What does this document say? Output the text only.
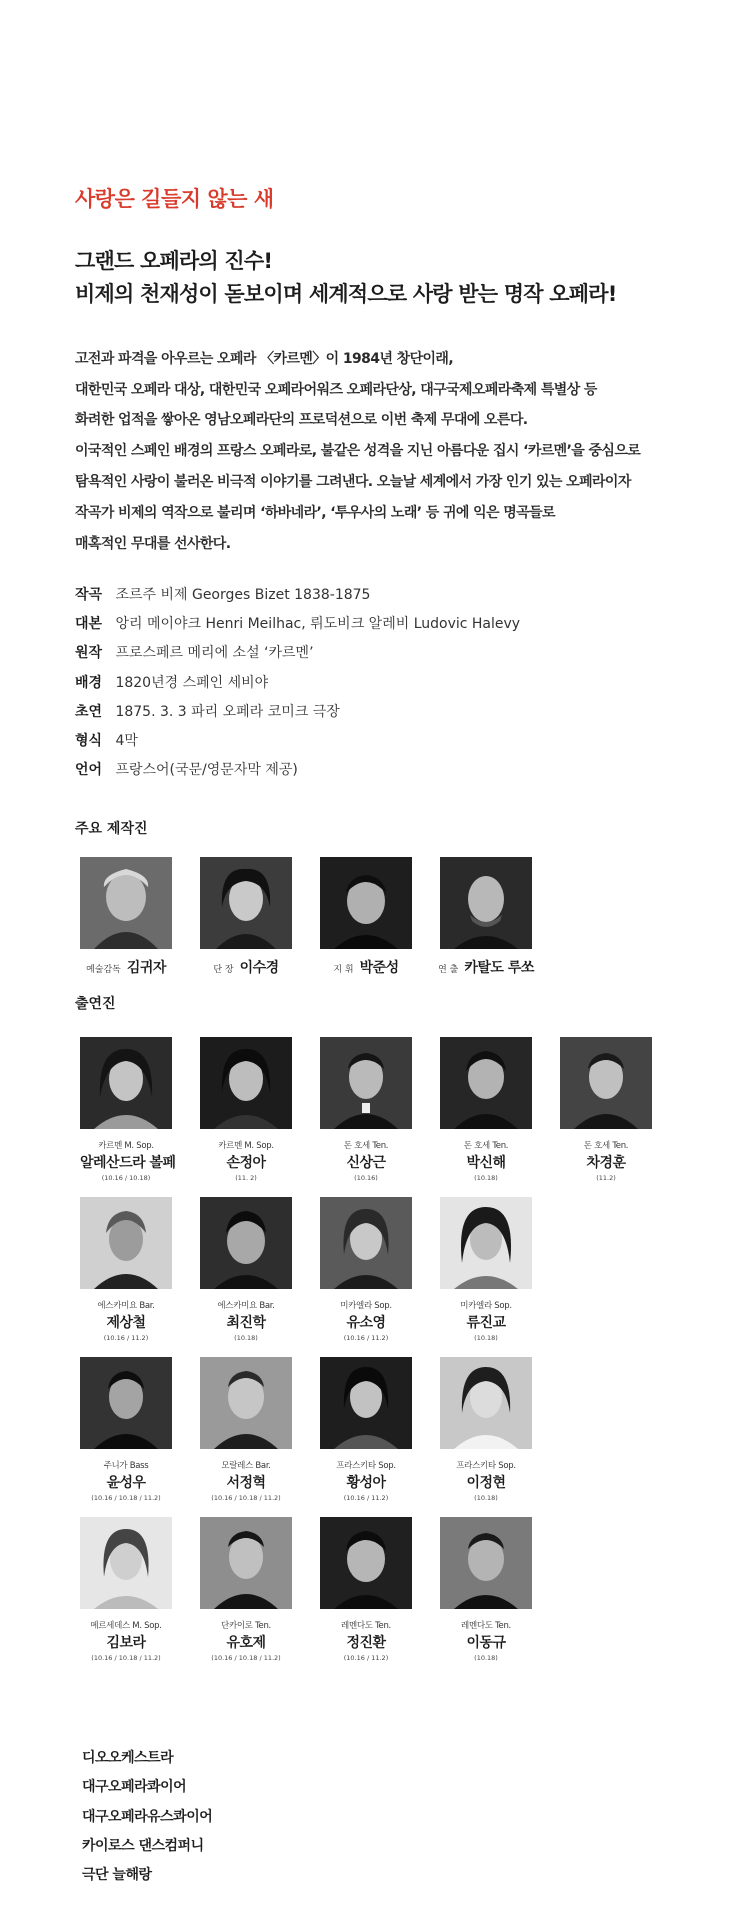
사랑은 길들지 않는 새
그랜드 오페라의 진수!
비제의 천재성이 돋보이며 세계적으로 사랑 받는 명작 오페라!
고전과 파격을 아우르는 오페라 〈카르멘〉이 1984년 창단이래,
대한민국 오페라 대상, 대한민국 오페라어워즈 오페라단상, 대구국제오페라축제 특별상 등
화려한 업적을 쌓아온 영남오페라단의 프로덕션으로 이번 축제 무대에 오른다.
이국적인 스페인 배경의 프랑스 오페라로, 불같은 성격을 지닌 아름다운 집시 ‘카르멘’을 중심으로
탐욕적인 사랑이 불러온 비극적 이야기를 그려낸다. 오늘날 세계에서 가장 인기 있는 오페라이자
작곡가 비제의 역작으로 불리며 ‘하바네라’, ‘투우사의 노래’ 등 귀에 익은 명곡들로
매혹적인 무대를 선사한다.
작곡 조르주 비제 Georges Bizet 1838-1875
대본 앙리 메이야크 Henri Meilhac, 뤼도비크 알레비 Ludovic Halevy
원작 프로스페르 메리에 소설 ‘카르멘’
배경 1820년경 스페인 세비야
초연 1875. 3. 3 파리 오페라 코미크 극장
형식 4막
언어 프랑스어(국문/영문자막 제공)
주요 제작진
예술감독 김귀자	단 장 이수경	지 휘 박준성	연 출 카탈도 루쏘
출연진
카르멘 M. Sop.
알레산드라 볼페
(10.16 / 10.18)
카르멘 M. Sop.
손정아
(11. 2)
돈 호세 Ten.
신상근
(10.16)
돈 호세 Ten.
박신해
(10.18)
돈 호세 Ten.
차경훈
(11.2)
에스카미요 Bar.
제상철
(10.16 / 11.2)
에스카미요 Bar.
최진학
(10.18)
미카엘라 Sop.
유소영
(10.16 / 11.2)
미카엘라 Sop.
류진교
(10.18)
주니가 Bass
윤성우
(10.16 / 10.18 / 11.2)
모랄레스 Bar.
서정혁
(10.16 / 10.18 / 11.2)
프라스키타 Sop.
황성아
(10.16 / 11.2)
프라스키타 Sop.
이정현
(10.18)
메르세데스 M. Sop.
김보라
(10.16 / 10.18 / 11.2)
단카이로 Ten.
유호제
(10.16 / 10.18 / 11.2)
레멘다도 Ten.
정진환
(10.16 / 11.2)
레멘다도 Ten.
이동규
(10.18)
디오오케스트라
대구오페라콰이어
대구오페라유스콰이어
카이로스 댄스컴퍼니
극단 늘해랑
